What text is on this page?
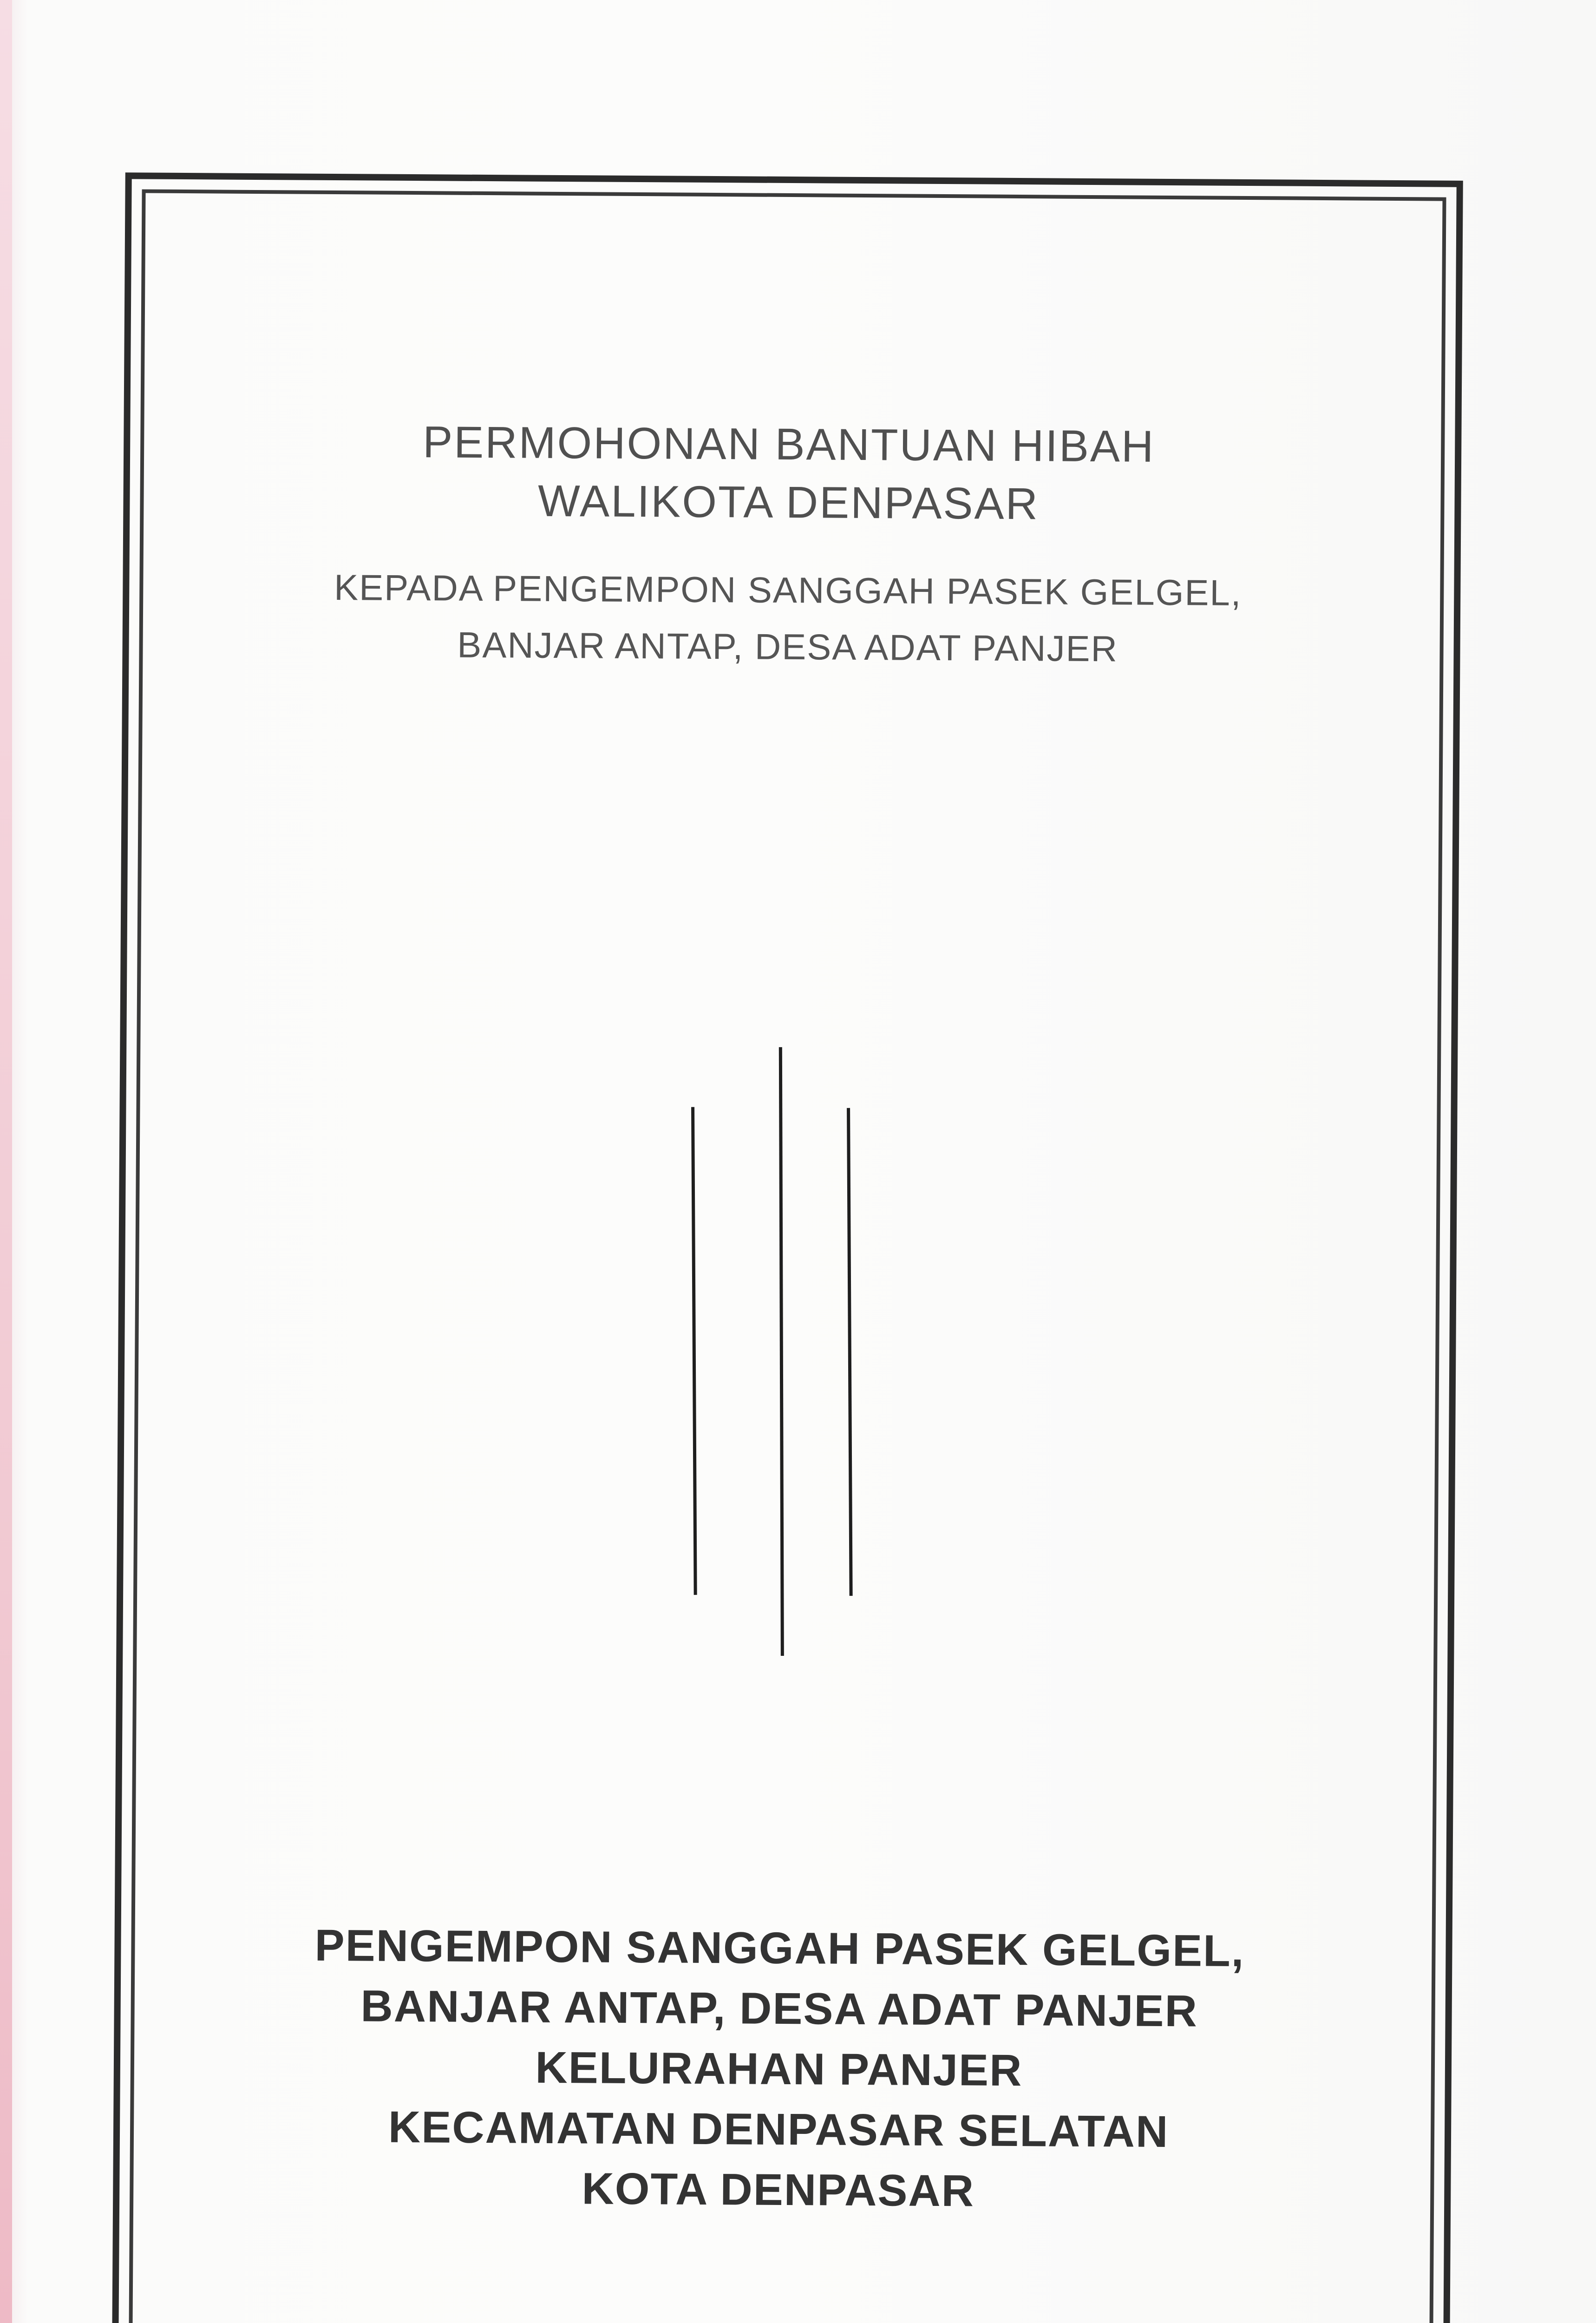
PERMOHONAN BANTUAN HIBAH
WALIKOTA DENPASAR
KEPADA PENGEMPON SANGGAH PASEK GELGEL,
BANJAR ANTAP, DESA ADAT PANJER
PENGEMPON SANGGAH PASEK GELGEL,
BANJAR ANTAP, DESA ADAT PANJER
KELURAHAN PANJER
KECAMATAN DENPASAR SELATAN
KOTA DENPASAR
